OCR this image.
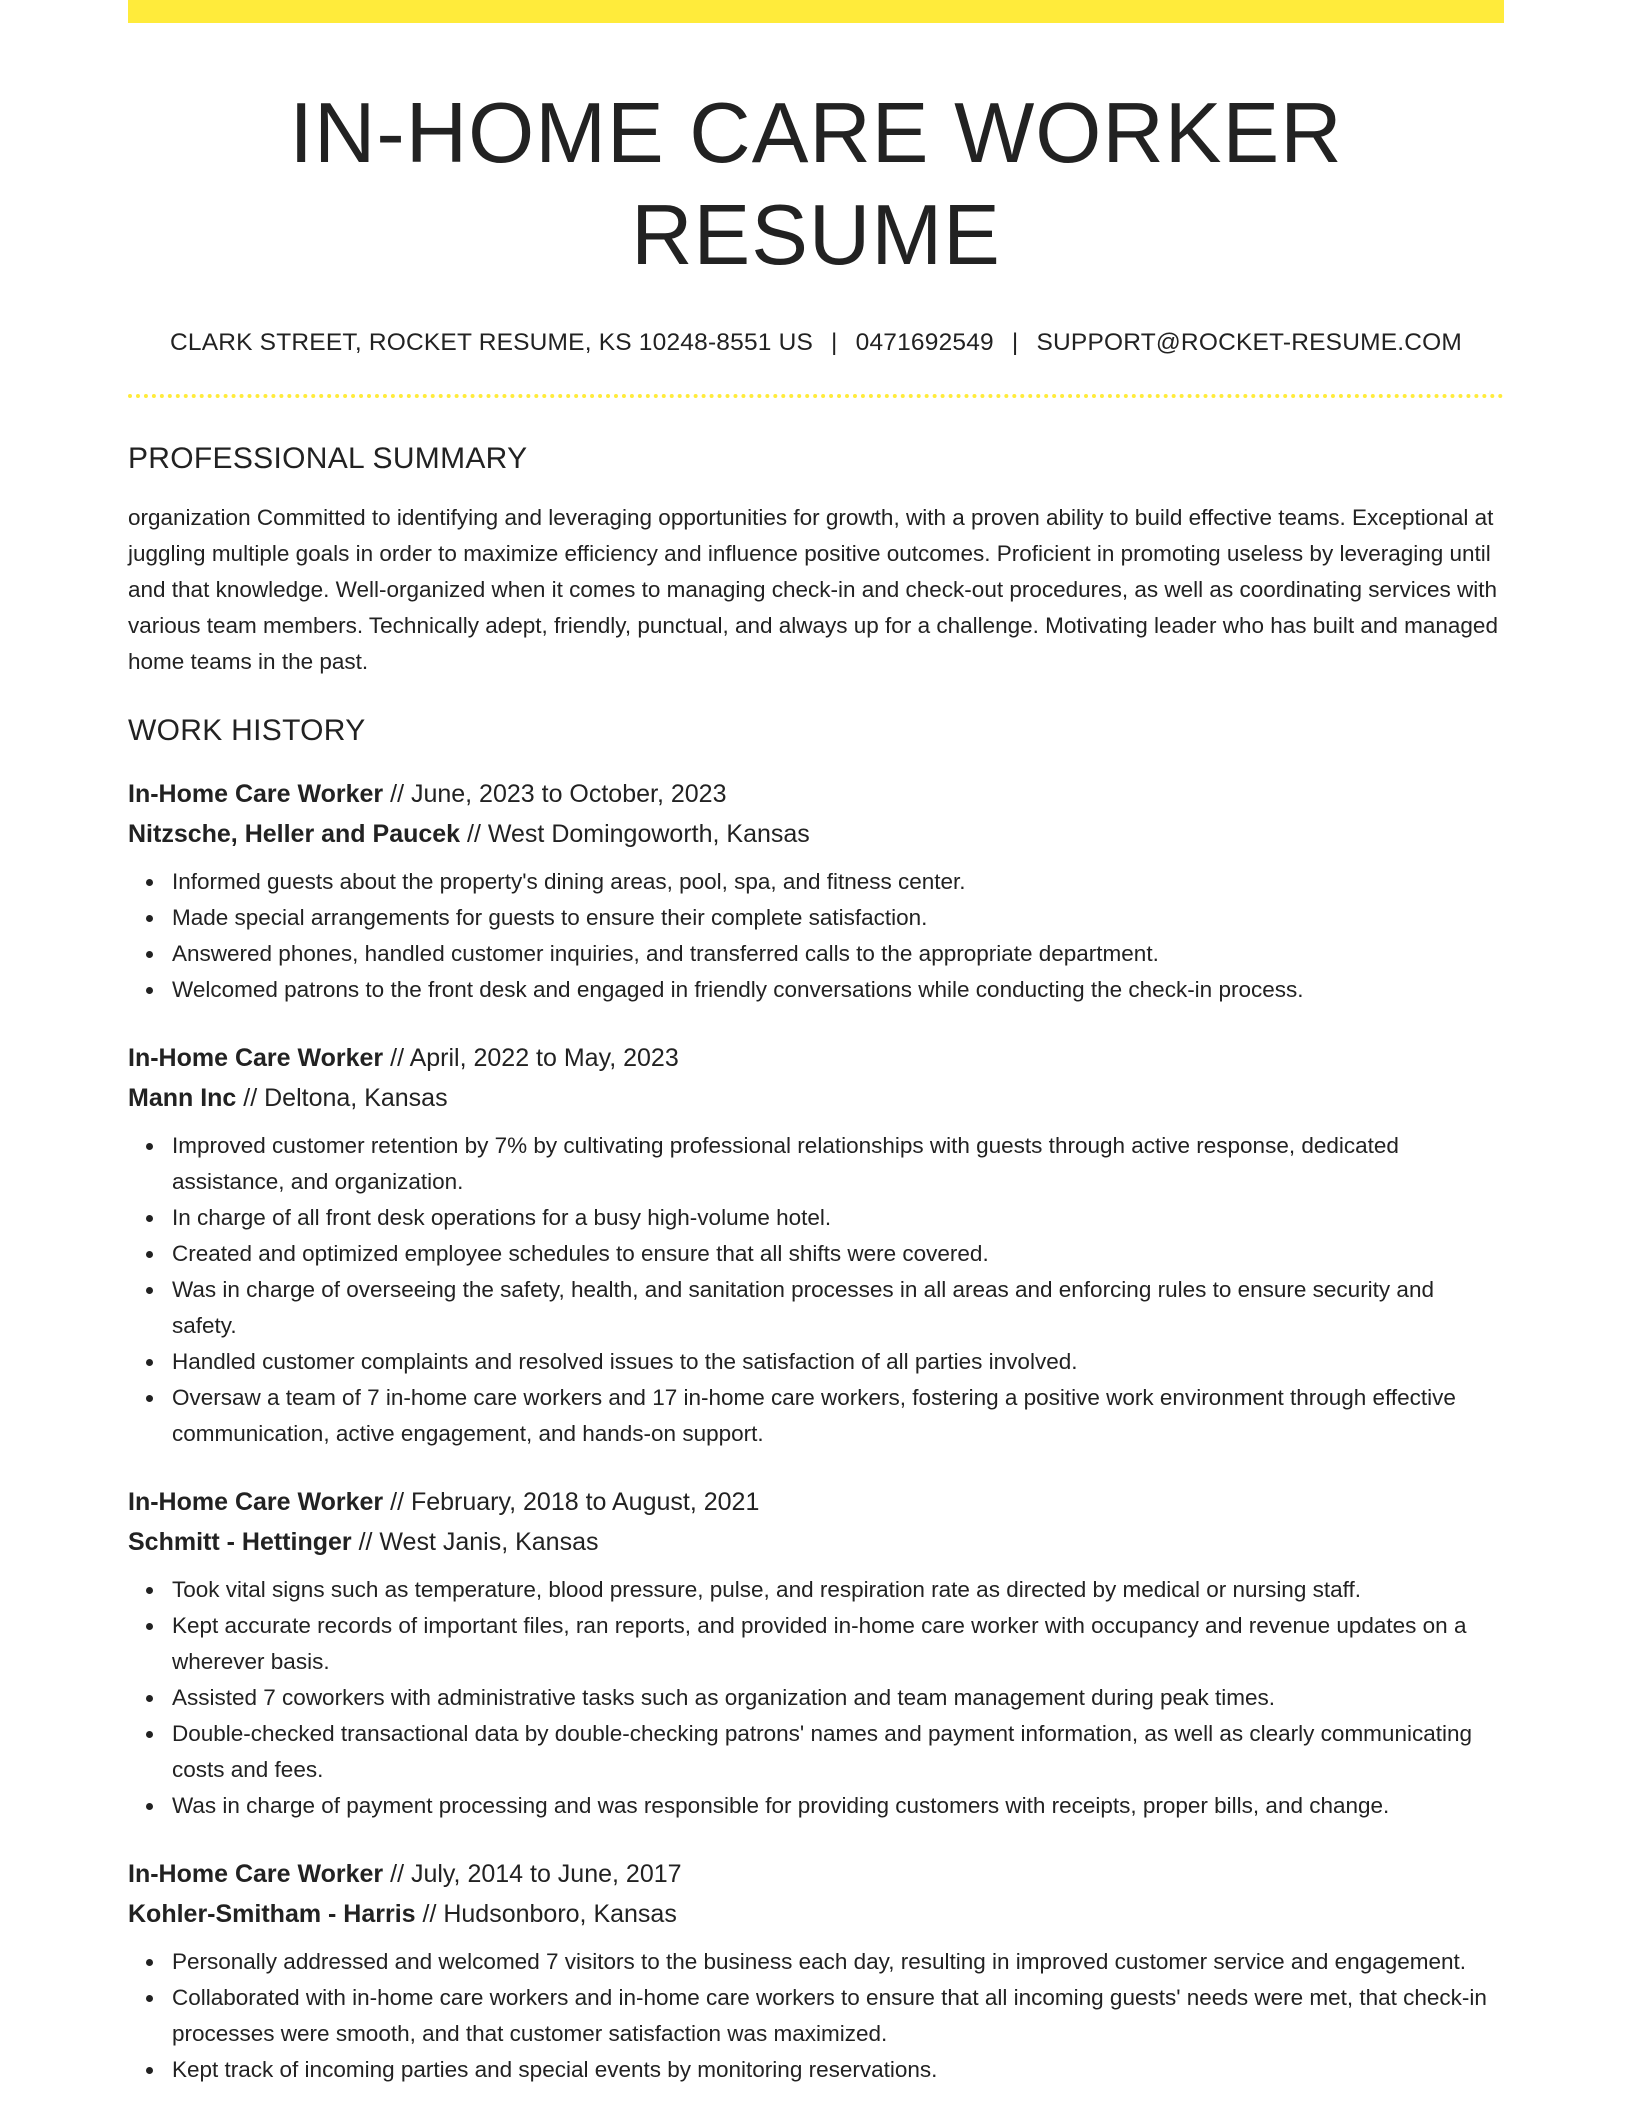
IN-HOME CARE WORKER RESUME
CLARK STREET, ROCKET RESUME, KS 10248-8551 US | 0471692549 | SUPPORT@ROCKET-RESUME.COM
PROFESSIONAL SUMMARY

organization Committed to identifying and leveraging opportunities for growth, with a proven ability to build effective teams. Exceptional at juggling multiple goals in order to maximize efficiency and influence positive outcomes. Proficient in promoting useless by leveraging until and that knowledge. Well-organized when it comes to managing check-in and check-out procedures, as well as coordinating services with various team members. Technically adept, friendly, punctual, and always up for a challenge. Motivating leader who has built and managed home teams in the past.

WORK HISTORY
In-Home Care Worker // June, 2023 to October, 2023
Nitzsche, Heller and Paucek // West Domingoworth, Kansas
Informed guests about the property's dining areas, pool, spa, and fitness center.
Made special arrangements for guests to ensure their complete satisfaction.
Answered phones, handled customer inquiries, and transferred calls to the appropriate department.
Welcomed patrons to the front desk and engaged in friendly conversations while conducting the check-in process.
In-Home Care Worker // April, 2022 to May, 2023
Mann Inc // Deltona, Kansas
Improved customer retention by 7% by cultivating professional relationships with guests through active response, dedicated assistance, and organization.
In charge of all front desk operations for a busy high-volume hotel.
Created and optimized employee schedules to ensure that all shifts were covered.
Was in charge of overseeing the safety, health, and sanitation processes in all areas and enforcing rules to ensure security and safety.
Handled customer complaints and resolved issues to the satisfaction of all parties involved.
Oversaw a team of 7 in-home care workers and 17 in-home care workers, fostering a positive work environment through effective communication, active engagement, and hands-on support.
In-Home Care Worker // February, 2018 to August, 2021
Schmitt - Hettinger // West Janis, Kansas
Took vital signs such as temperature, blood pressure, pulse, and respiration rate as directed by medical or nursing staff.
Kept accurate records of important files, ran reports, and provided in-home care worker with occupancy and revenue updates on a wherever basis.
Assisted 7 coworkers with administrative tasks such as organization and team management during peak times.
Double-checked transactional data by double-checking patrons' names and payment information, as well as clearly communicating costs and fees.
Was in charge of payment processing and was responsible for providing customers with receipts, proper bills, and change.
In-Home Care Worker // July, 2014 to June, 2017
Kohler-Smitham - Harris // Hudsonboro, Kansas
Personally addressed and welcomed 7 visitors to the business each day, resulting in improved customer service and engagement.
Collaborated with in-home care workers and in-home care workers to ensure that all incoming guests' needs were met, that check-in processes were smooth, and that customer satisfaction was maximized.
Kept track of incoming parties and special events by monitoring reservations.
